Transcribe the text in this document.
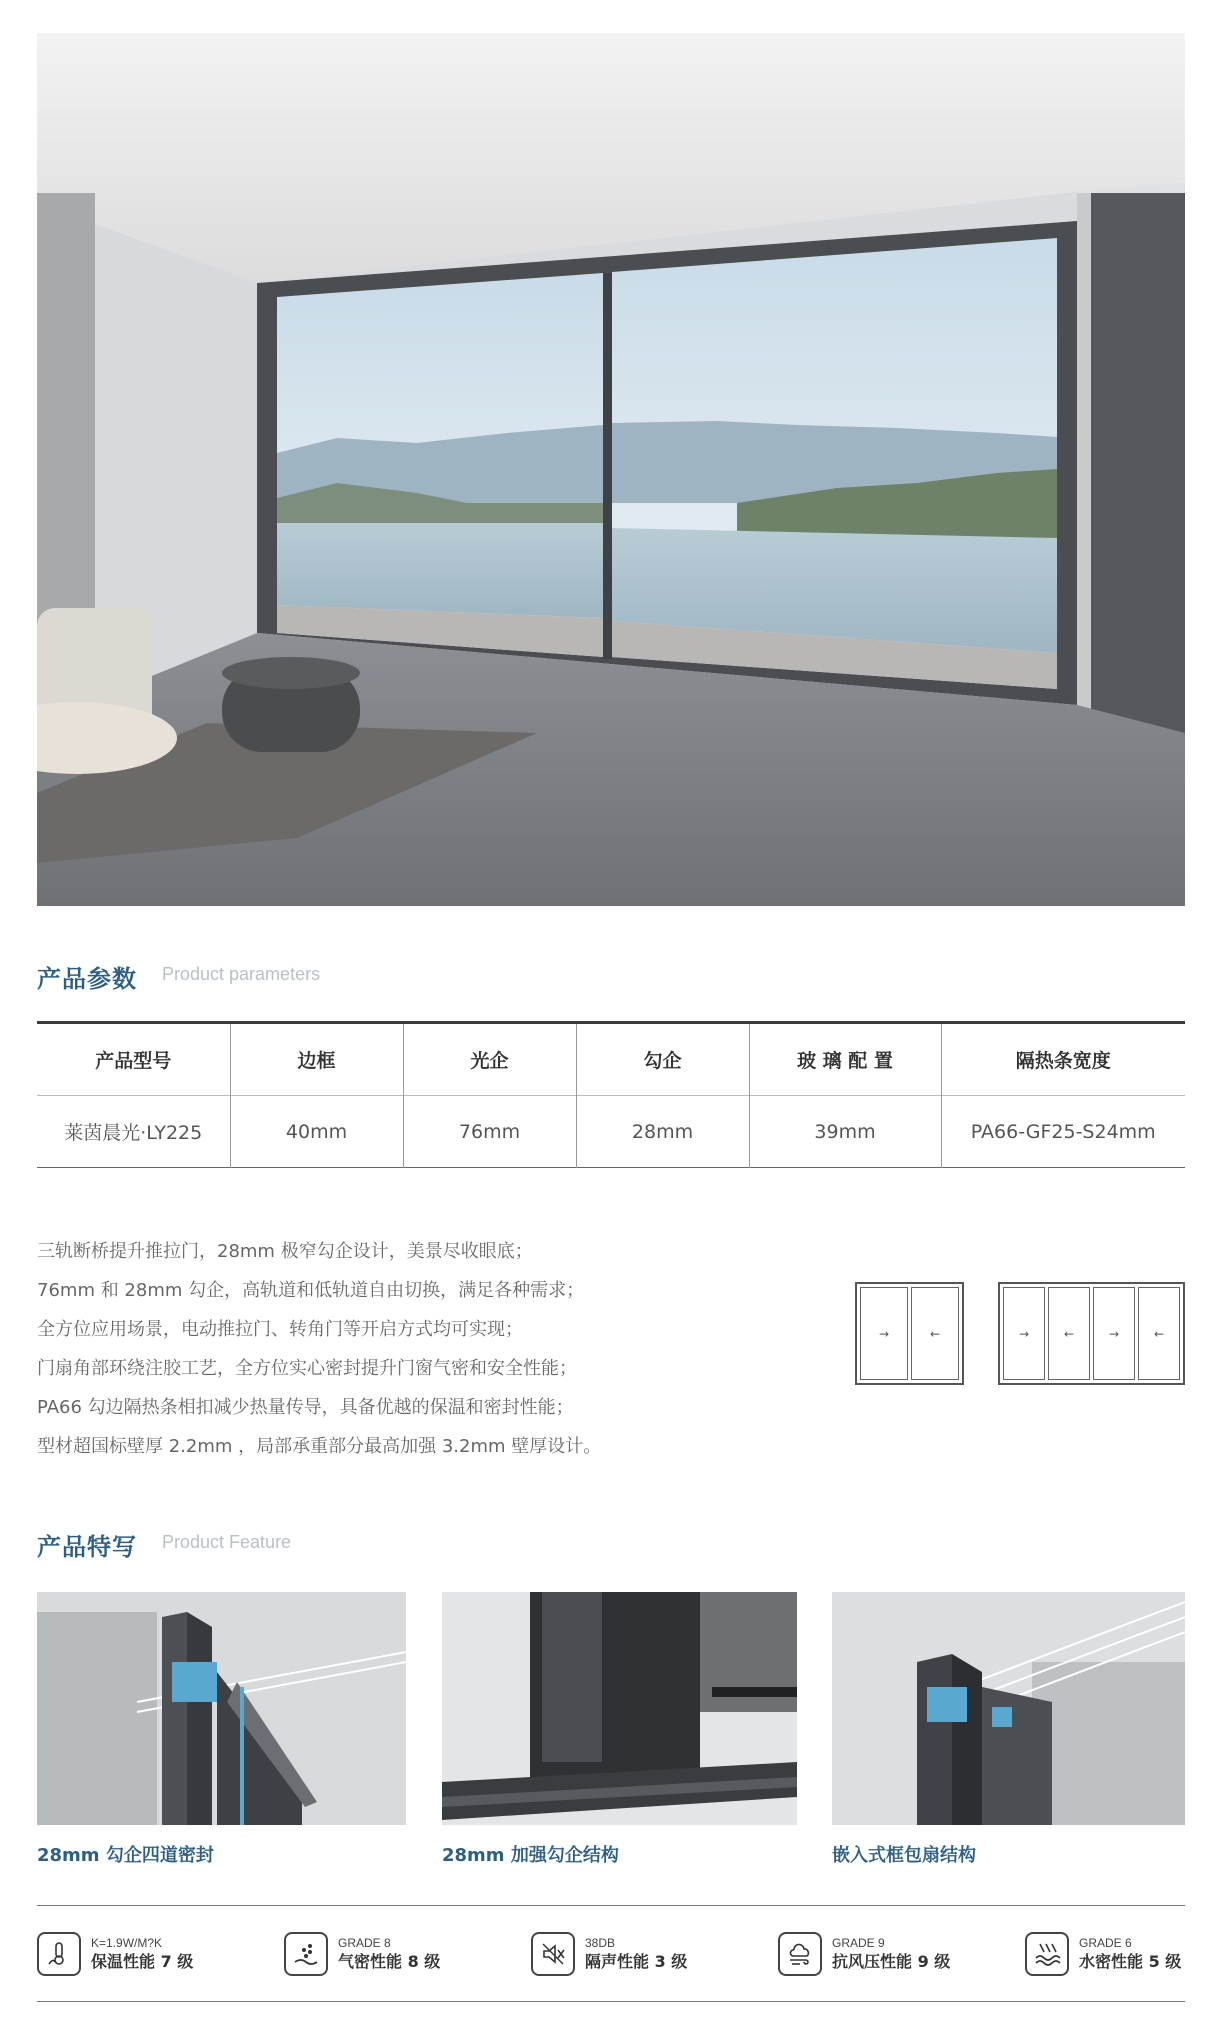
产品参数 Product parameters
产品型号	边框	光企	勾企	玻 璃 配 置	隔热条宽度
莱茵晨光·LY225	40mm	76mm	28mm	39mm	PA66-GF25-S24mm
三轨断桥提升推拉门，28mm 极窄勾企设计，美景尽收眼底；
76mm 和 28mm 勾企，高轨道和低轨道自由切换，满足各种需求；
全方位应用场景，电动推拉门、转角门等开启方式均可实现；
门扇角部环绕注胶工艺，全方位实心密封提升门窗气密和安全性能；
PA66 勾边隔热条相扣减少热量传导，具备优越的保温和密封性能；
型材超国标壁厚 2.2mm ，局部承重部分最高加强 3.2mm 壁厚设计。
→	←	→	←	→	←
产品特写 Product Feature
28mm 勾企四道密封	28mm 加强勾企结构	嵌入式框包扇结构
K=1.9W/M?K
保温性能 7 级
GRADE 8
气密性能 8 级
38DB
隔声性能 3 级
GRADE 9
抗风压性能 9 级
GRADE 6
水密性能 5 级
